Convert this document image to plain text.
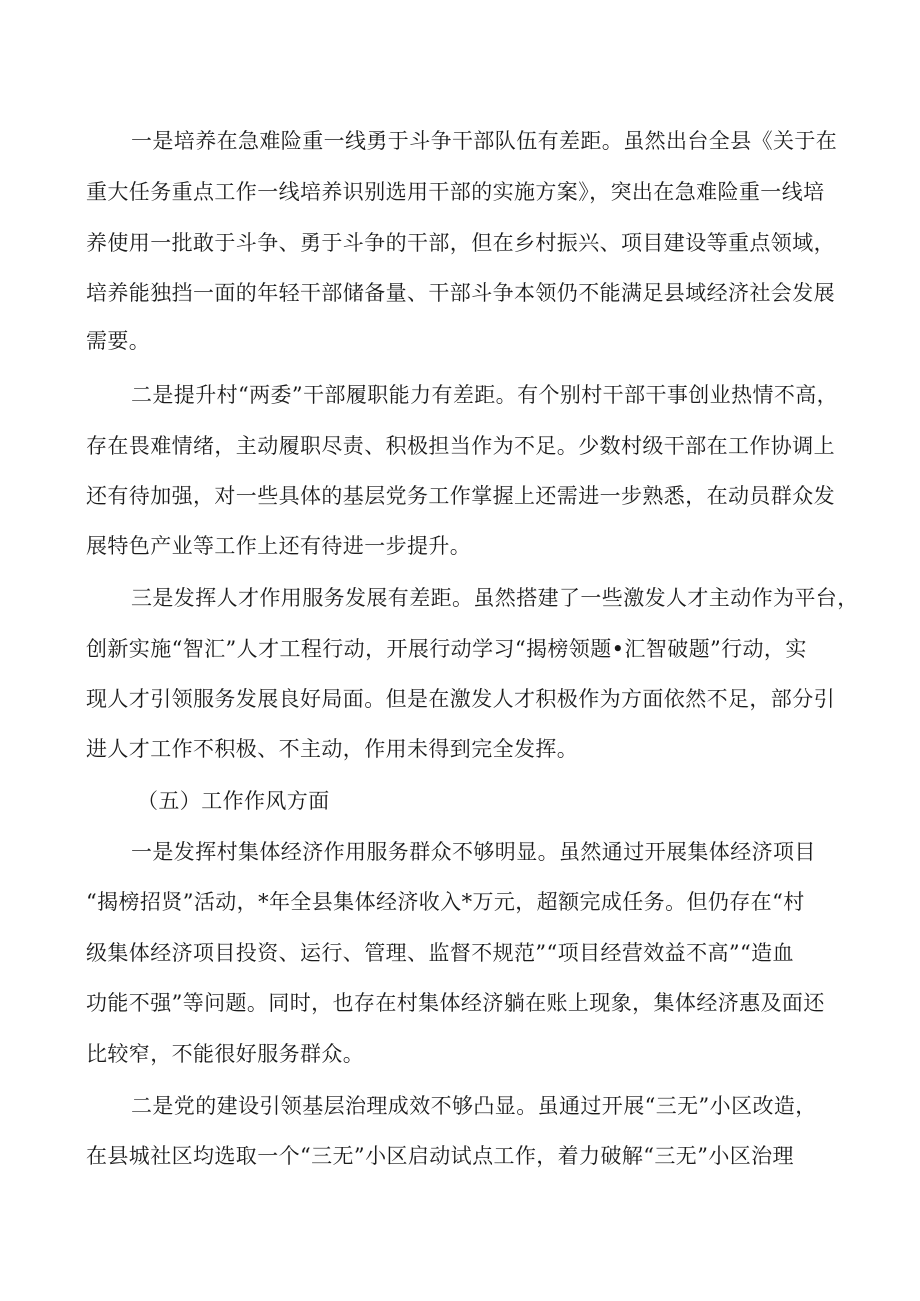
一是培养在急难险重一线勇于斗争干部队伍有差距。虽然出台全县《关于在
重大任务重点工作一线培养识别选用干部的实施方案》，突出在急难险重一线培
养使用一批敢于斗争、勇于斗争的干部，但在乡村振兴、项目建设等重点领域，
培养能独挡一面的年轻干部储备量、干部斗争本领仍不能满足县域经济社会发展
需要。
二是提升村“两委”干部履职能力有差距。有个别村干部干事创业热情不高，
存在畏难情绪，主动履职尽责、积极担当作为不足。少数村级干部在工作协调上
还有待加强，对一些具体的基层党务工作掌握上还需进一步熟悉，在动员群众发
展特色产业等工作上还有待进一步提升。
三是发挥人才作用服务发展有差距。虽然搭建了一些激发人才主动作为平台，
创新实施“智汇”人才工程行动，开展行动学习“揭榜领题•汇智破题”行动，实
现人才引领服务发展良好局面。但是在激发人才积极作为方面依然不足，部分引
进人才工作不积极、不主动，作用未得到完全发挥。
（五）工作作风方面
一是发挥村集体经济作用服务群众不够明显。虽然通过开展集体经济项目
“揭榜招贤”活动，*年全县集体经济收入*万元，超额完成任务。但仍存在“村
级集体经济项目投资、运行、管理、监督不规范”“项目经营效益不高”“造血
功能不强”等问题。同时，也存在村集体经济躺在账上现象，集体经济惠及面还
比较窄，不能很好服务群众。
二是党的建设引领基层治理成效不够凸显。虽通过开展“三无”小区改造，
在县城社区均选取一个“三无”小区启动试点工作，着力破解“三无”小区治理
